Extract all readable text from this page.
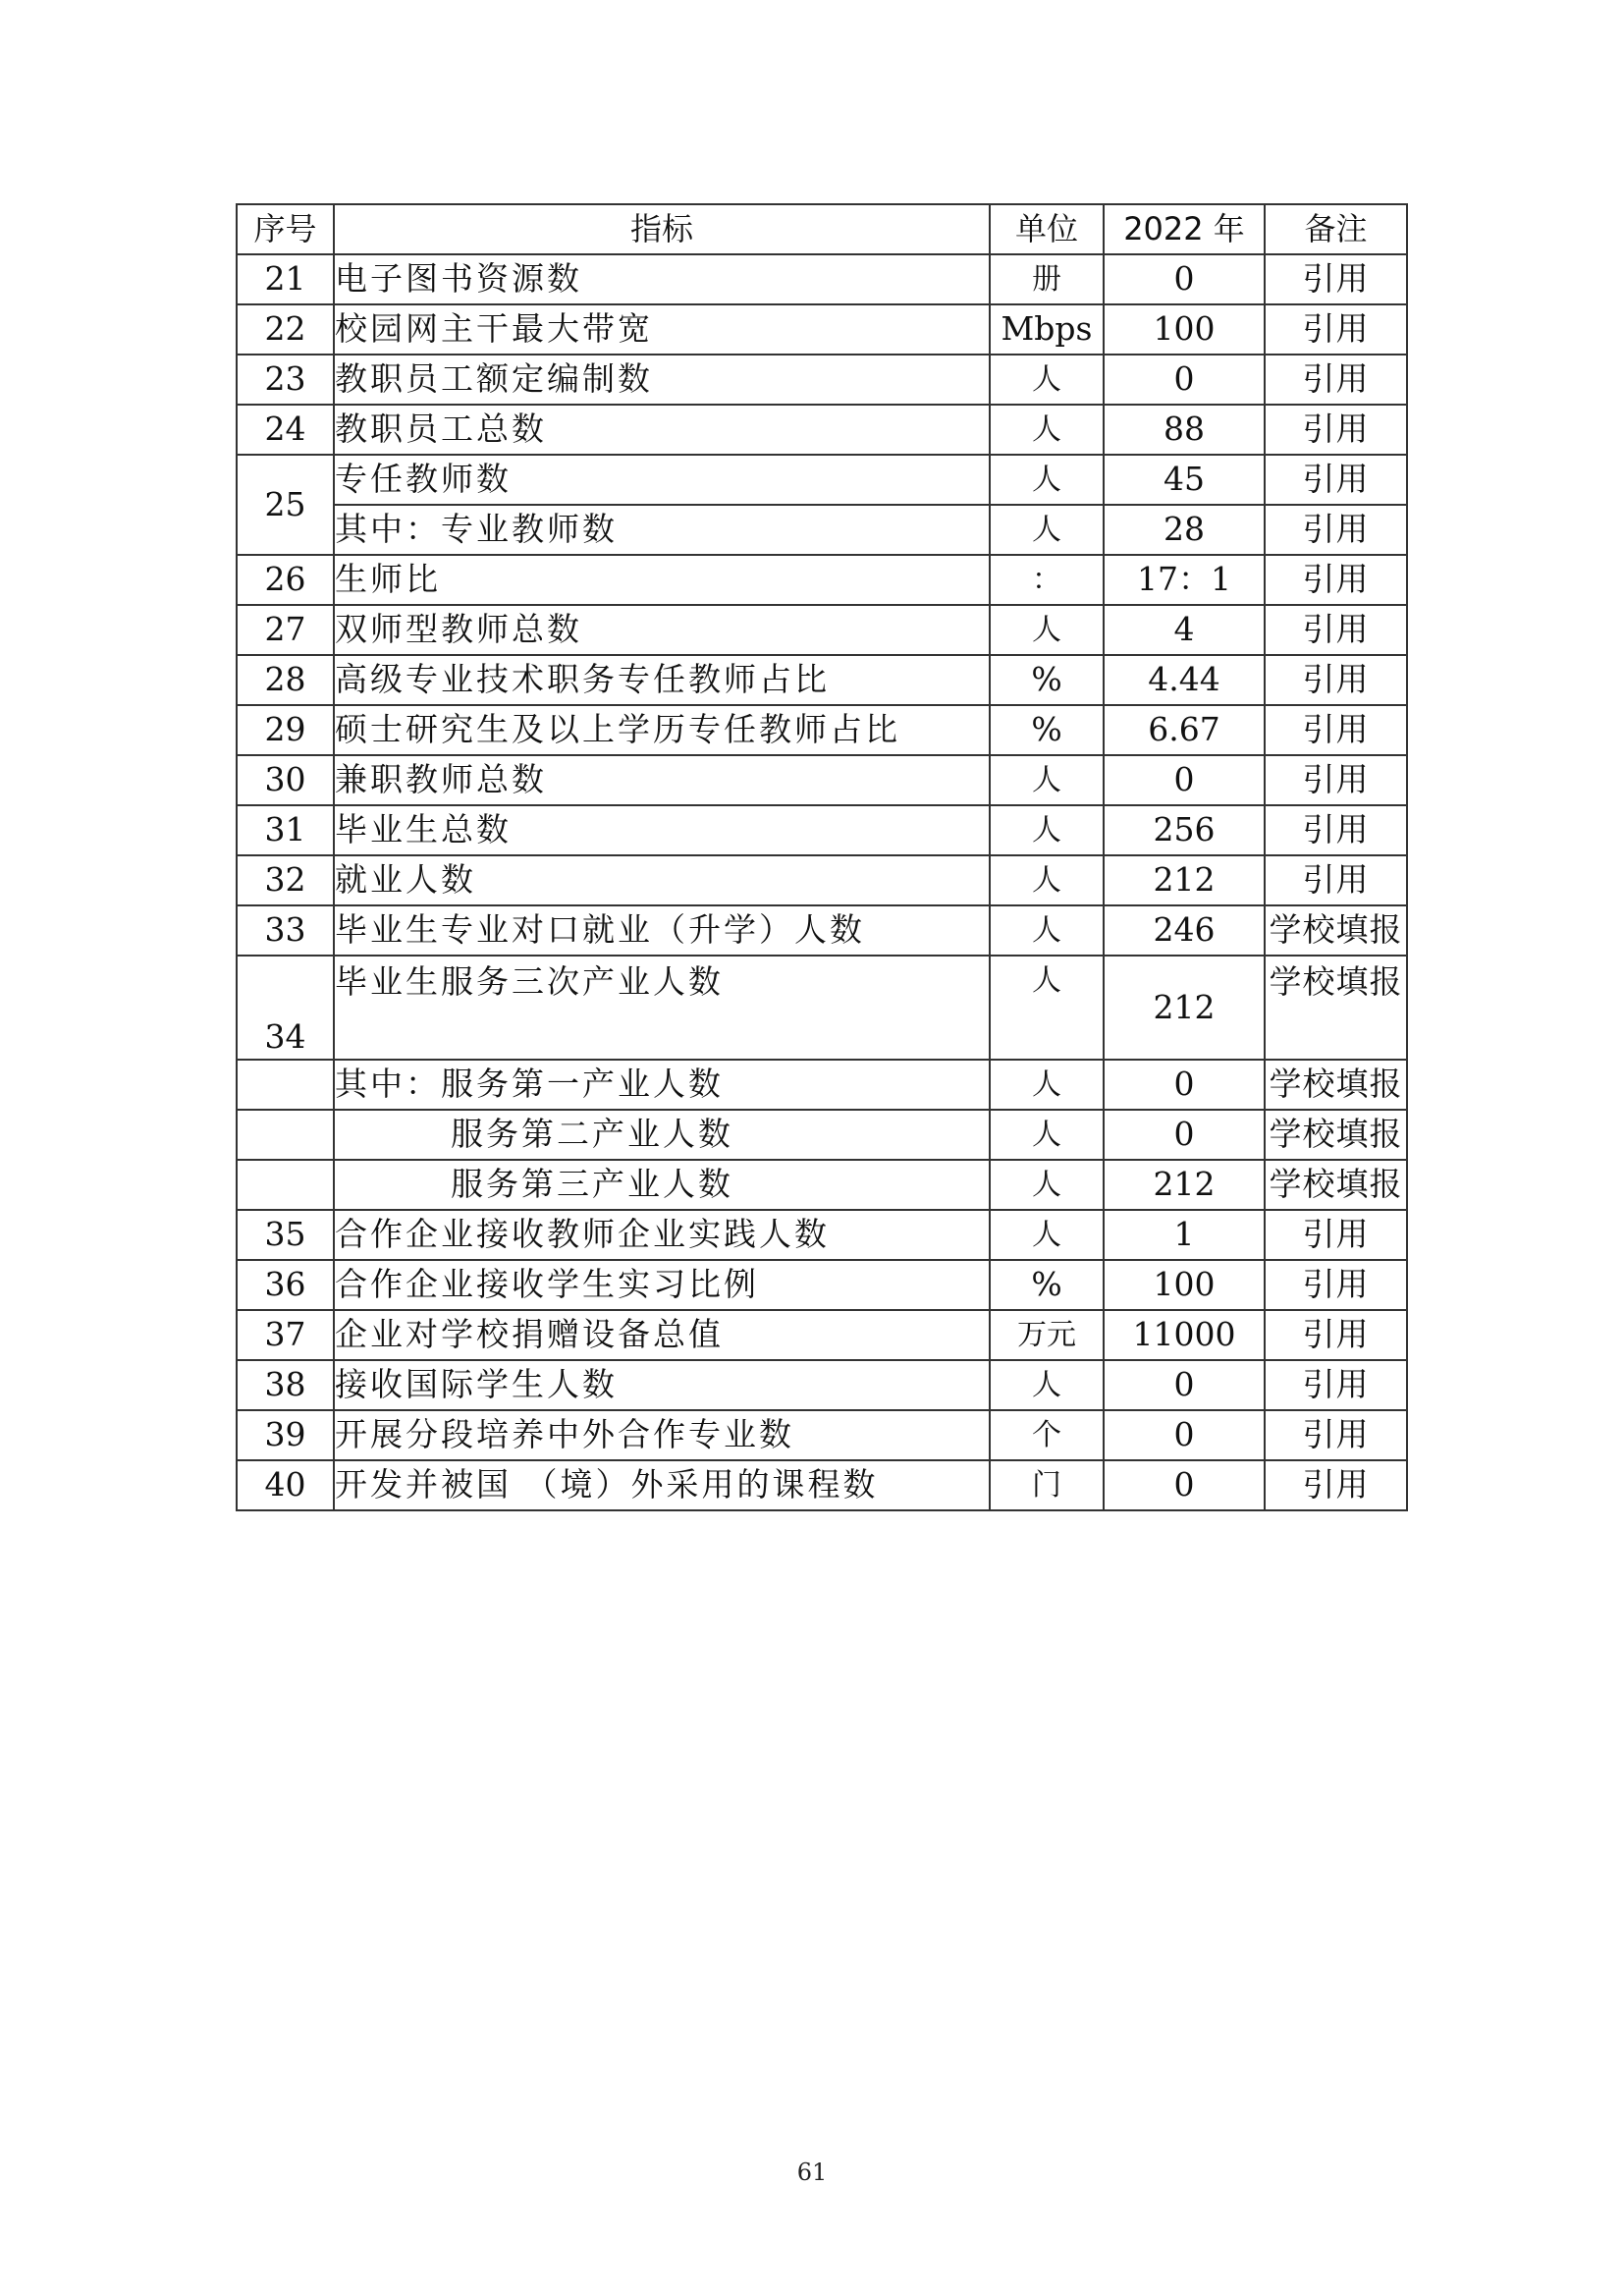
序号	指标	单位	2022 年	备注
21	电子图书资源数	册	0	引用
22	校园网主干最大带宽	Mbps	100	引用
23	教职员工额定编制数	人	0	引用
24	教职员工总数	人	88	引用
25	专任教师数	人	45	引用
	其中：专业教师数	人	28	引用
26	生师比	：	17：1	引用
27	双师型教师总数	人	4	引用
28	高级专业技术职务专任教师占比	%	4.44	引用
29	硕士研究生及以上学历专任教师占比	%	6.67	引用
30	兼职教师总数	人	0	引用
31	毕业生总数	人	256	引用
32	就业人数	人	212	引用
33	毕业生专业对口就业（升学）人数	人	246	学校填报
34	毕业生服务三次产业人数	人	212	学校填报
	其中：服务第一产业人数	人	0	学校填报
	服务第二产业人数	人	0	学校填报
	服务第三产业人数	人	212	学校填报
35	合作企业接收教师企业实践人数	人	1	引用
36	合作企业接收学生实习比例	%	100	引用
37	企业对学校捐赠设备总值	万元	11000	引用
38	接收国际学生人数	人	0	引用
39	开展分段培养中外合作专业数	个	0	引用
40	开发并被国 （境）外采用的课程数	门	0	引用
61
